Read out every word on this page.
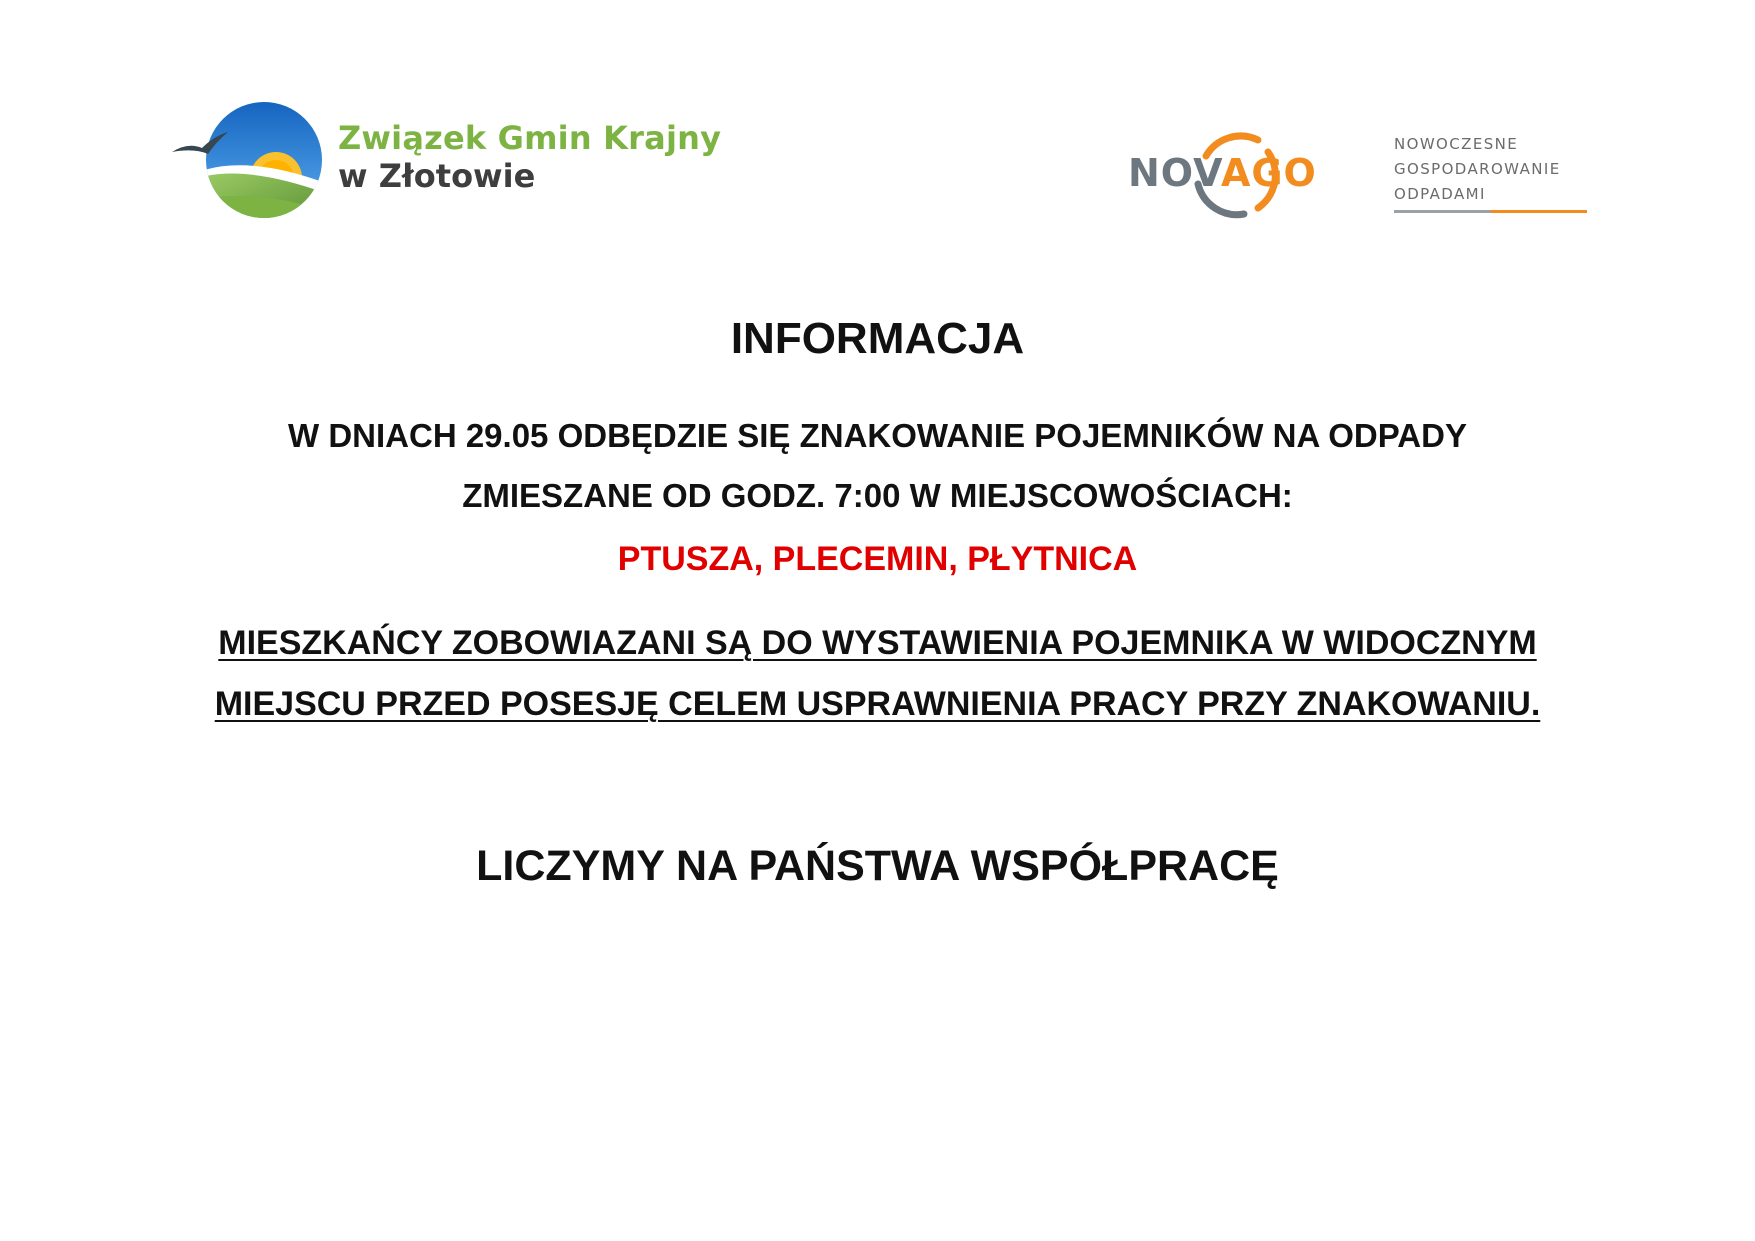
Związek Gmin Krajny
w Złotowie	NOVAGO
NOWOCZESNE
GOSPODAROWANIE
ODPADAMI
INFORMACJA
W DNIACH 29.05 ODBĘDZIE SIĘ ZNAKOWANIE POJEMNIKÓW NA ODPADY
ZMIESZANE OD GODZ. 7:00 W MIEJSCOWOŚCIACH:
PTUSZA, PLECEMIN, PŁYTNICA
MIESZKAŃCY ZOBOWIAZANI SĄ DO WYSTAWIENIA POJEMNIKA W WIDOCZNYM
MIEJSCU PRZED POSESJĘ CELEM USPRAWNIENIA PRACY PRZY ZNAKOWANIU.
LICZYMY NA PAŃSTWA WSPÓŁPRACĘ
